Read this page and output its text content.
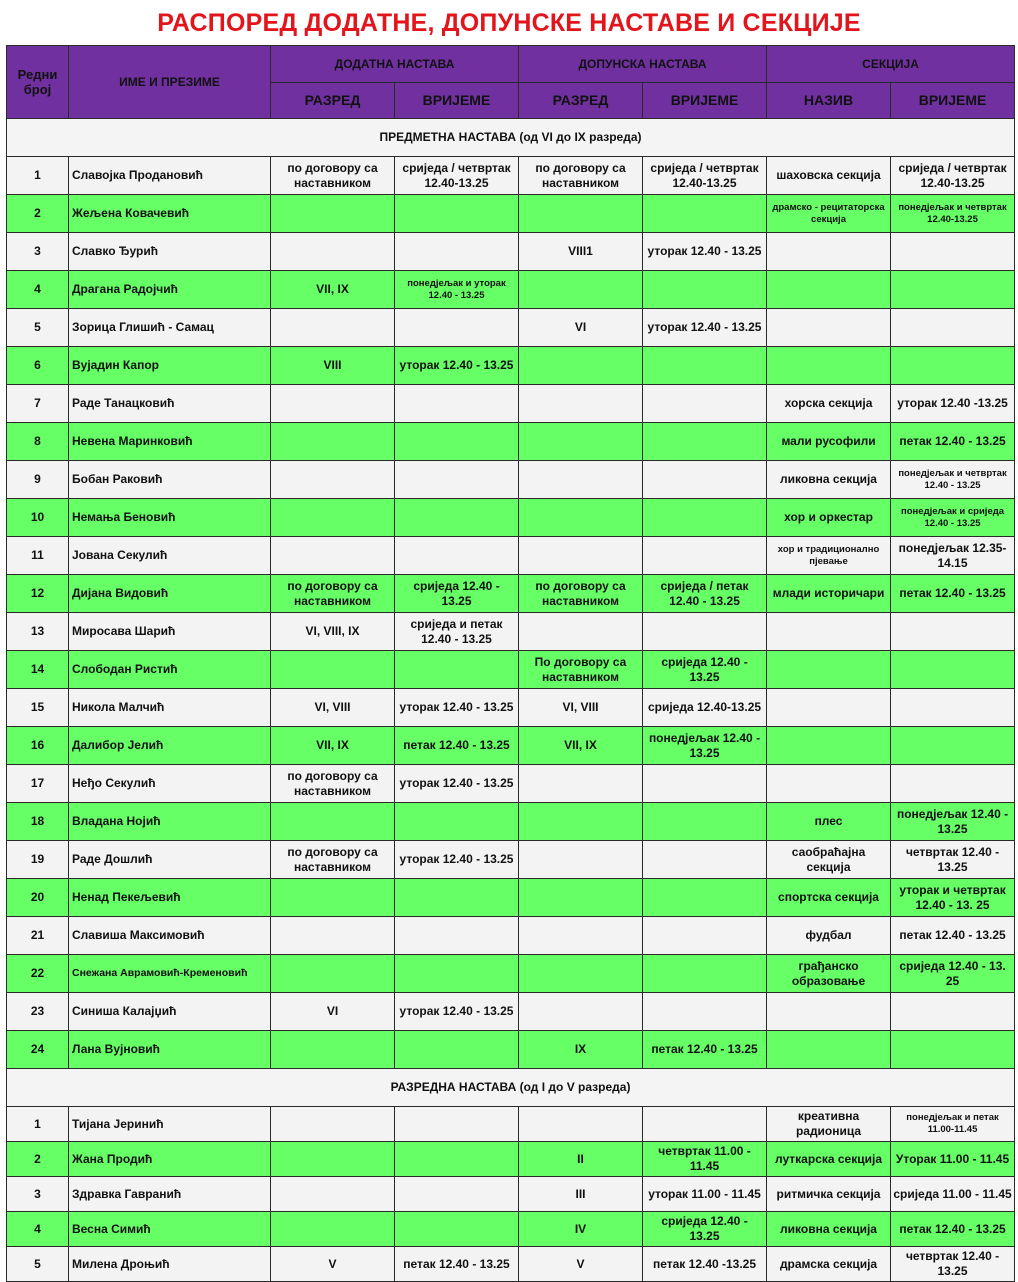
РАСПОРЕД ДОДАТНЕ, ДОПУНСКЕ НАСТАВЕ И СЕКЦИЈЕ
Редни број	ИМЕ И ПРЕЗИМЕ	ДОДАТНА НАСТАВА		ДОПУНСКА НАСТАВА		СЕКЦИЈА	
		РАЗРЕД	ВРИЈЕМЕ	РАЗРЕД	ВРИЈЕМЕ	НАЗИВ	ВРИЈЕМЕ
ПРЕДМЕТНА НАСТАВА (од VI до IX разреда)							
1	Славојка Продановић	по договору са наставником	сриједа / четвртак 12.40-13.25	по договору са наставником	сриједа / четвртак 12.40-13.25	шаховска секција	сриједа / четвртак 12.40-13.25
2	Жељена Ковачевић					драмско - рецитаторска секција	понедјељак и четвртак 12.40-13.25
3	Славко Ђурић			VIII1	уторак 12.40 - 13.25		
4	Драгана Радојчић	VII, IX	понедјељак и уторак 12.40 - 13.25				
5	Зорица Глишић - Самац			VI	уторак 12.40 - 13.25		
6	Вујадин Капор	VIII	уторак 12.40 - 13.25				
7	Раде Танацковић					хорска секција	уторак 12.40 -13.25
8	Невена Маринковић					мали русофили	петак 12.40 - 13.25
9	Бобан Раковић					ликовна секција	понедјељак и четвртак 12.40 - 13.25
10	Немања Беновић					хор и оркестар	понедјељак и сриједа 12.40 - 13.25
11	Јована Секулић					хор и традиционално пјевање	понедјељак 12.35-14.15
12	Дијана Видовић	по договору са наставником	сриједа 12.40 - 13.25	по договору са наставником	сриједа / петак 12.40 - 13.25	млади историчари	петак 12.40 - 13.25
13	Миросава Шарић	VI, VIII, IX	сриједа и петак 12.40 - 13.25				
14	Слободан Ристић			По договору са наставником	сриједа 12.40 - 13.25		
15	Никола Малчић	VI, VIII	уторак 12.40 - 13.25	VI, VIII	сриједа 12.40-13.25		
16	Далибор Јелић	VII, IX	петак 12.40 - 13.25	VII, IX	понедјељак 12.40 - 13.25		
17	Нeђо Секулић	по договору са наставником	уторак 12.40 - 13.25				
18	Владана Нојић					плес	понедјељак 12.40 - 13.25
19	Раде Дошлић	по договору са наставником	уторак 12.40 - 13.25			саобраћајна секција	четвртак 12.40 - 13.25
20	Ненад Пекељевић					спортска секција	уторак и четвртак 12.40 - 13. 25
21	Славиша Максимовић					фудбал	петак 12.40 - 13.25
22	Снежана Аврамовић-Кременовић					грађанско образовање	сриједа 12.40 - 13. 25
23	Синиша Калајџић	VI	уторак 12.40 - 13.25				
24	Лана Вујновић			IX	петак 12.40 - 13.25		
РАЗРЕДНА НАСТАВА (од I до V разреда)							
1	Тијана Јеринић					креативна радионица	понедјељак и петак 11.00-11.45
2	Жана Продић			II	четвртак 11.00 - 11.45	луткарска секција	Уторак 11.00 - 11.45
3	Здравка Гавранић			III	уторак 11.00 - 11.45	ритмичка секција	сриједа 11.00 - 11.45
4	Весна Симић			IV	сриједа 12.40 - 13.25	ликовна секција	петак 12.40 - 13.25
5	Милена Дроњић	V	петак 12.40 - 13.25	V	петак 12.40 -13.25	драмска секција	четвртак 12.40 - 13.25
